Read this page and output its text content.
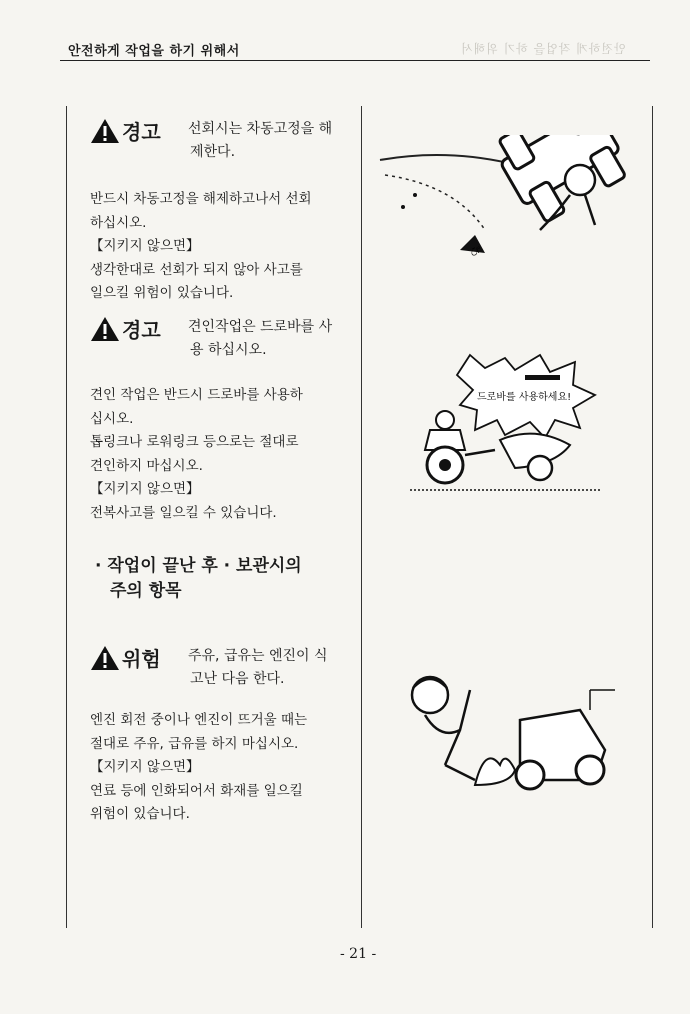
안전하게 작업을 하기 위해서	안전하게 작업을 하기 위해서
경고 선회시는 차동고정을 해
제한다.
반드시 차동고정을 해제하고나서 선회
하십시오.
【지키지 않으면】
생각한대로 선회가 되지 않아 사고를
일으킬 위험이 있습니다.
경고 견인작업은 드로바를 사
용 하십시오.
견인 작업은 반드시 드로바를 사용하
십시오.
톱링크나 로워링크 등으로는 절대로
견인하지 마십시오.
【지키지 않으면】
전복사고를 일으킬 수 있습니다.
· 작업이 끝난 후 · 보관시의
주의 항목
위험 주유, 급유는 엔진이 식
고난 다음 한다.
엔진 회전 중이나 엔진이 뜨거울 때는
절대로 주유, 급유를 하지 마십시오.
【지키지 않으면】
연료 등에 인화되어서 화재를 일으킬
위험이 있습니다.
ぴ
드로바를 사용하세요!
- 21 -
